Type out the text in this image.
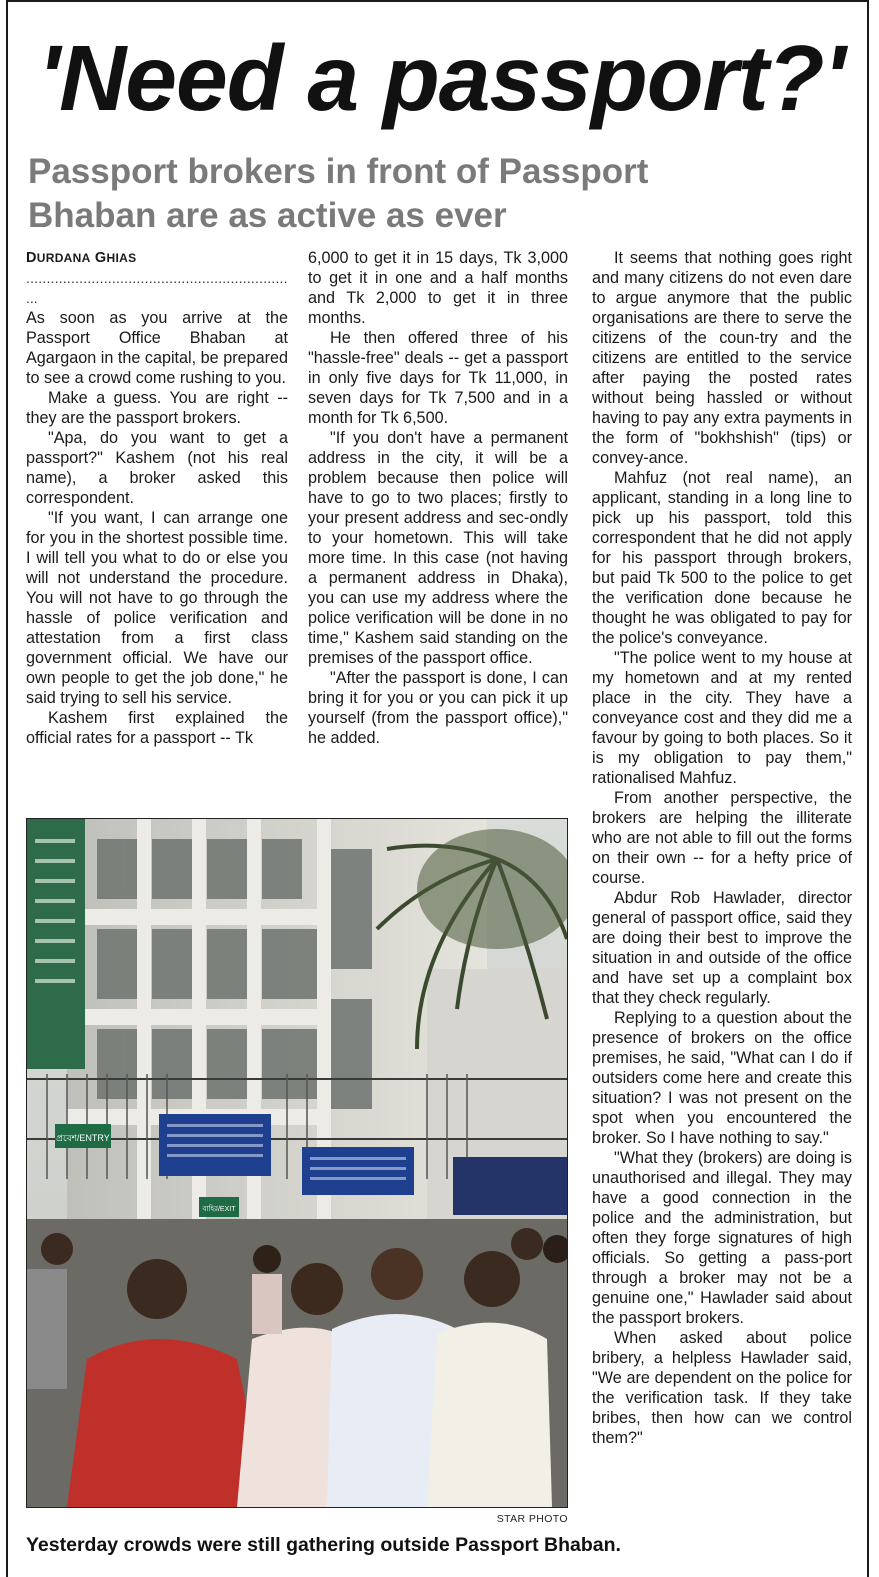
'Need a passport?'
Passport brokers in front of Passport Bhaban are as active as ever
DURDANA GHIAS
................................................................
...

As soon as you arrive at the Passport Office Bhaban at Agargaon in the capital, be prepared to see a crowd come rushing to you.

Make a guess. You are right -- they are the passport brokers.

"Apa, do you want to get a passport?" Kashem (not his real name), a broker asked this correspondent.

"If you want, I can arrange one for you in the shortest possible time. I will tell you what to do or else you will not understand the procedure. You will not have to go through the hassle of police verification and attestation from a first class government official. We have our own people to get the job done," he said trying to sell his service.

Kashem first explained the official rates for a passport -- Tk

6,000 to get it in 15 days, Tk 3,000 to get it in one and a half months and Tk 2,000 to get it in three months.

He then offered three of his "hassle-free" deals -- get a passport in only five days for Tk 11,000, in seven days for Tk 7,500 and in a month for Tk 6,500.

"If you don't have a permanent address in the city, it will be a problem because then police will have to go to two places; firstly to your present address and sec-ondly to your hometown. This will take more time. In this case (not having a permanent address in Dhaka), you can use my address where the police verification will be done in no time," Kashem said standing on the premises of the passport office.

"After the passport is done, I can bring it for you or you can pick it up yourself (from the passport office)," he added.

It seems that nothing goes right and many citizens do not even dare to argue anymore that the public organisations are there to serve the citizens of the coun-try and the citizens are entitled to the service after paying the posted rates without being hassled or without having to pay any extra payments in the form of "bokhshish" (tips) or convey-ance.

Mahfuz (not real name), an applicant, standing in a long line to pick up his passport, told this correspondent that he did not apply for his passport through brokers, but paid Tk 500 to the police to get the verification done because he thought he was obligated to pay for the police's conveyance.

"The police went to my house at my hometown and at my rented place in the city. They have a conveyance cost and they did me a favour by going to both places. So it is my obligation to pay them," rationalised Mahfuz.

From another perspective, the brokers are helping the illiterate who are not able to fill out the forms on their own -- for a hefty price of course.

Abdur Rob Hawlader, director general of passport office, said they are doing their best to improve the situation in and outside of the office and have set up a complaint box that they check regularly.

Replying to a question about the presence of brokers on the office premises, he said, "What can I do if outsiders come here and create this situation? I was not present on the spot when you encountered the broker. So I have nothing to say."

"What they (brokers) are doing is unauthorised and illegal. They may have a good connection in the police and the administration, but often they forge signatures of high officials. So getting a pass-port through a broker may not be a genuine one," Hawlader said about the passport brokers.

When asked about police bribery, a helpless Hawlader said, "We are dependent on the police for the verification task. If they take bribes, then how can we control them?"

প্রবেশ/ENTRY
বাহির/EXIT
STAR PHOTO
Yesterday crowds were still gathering outside Passport Bhaban.
